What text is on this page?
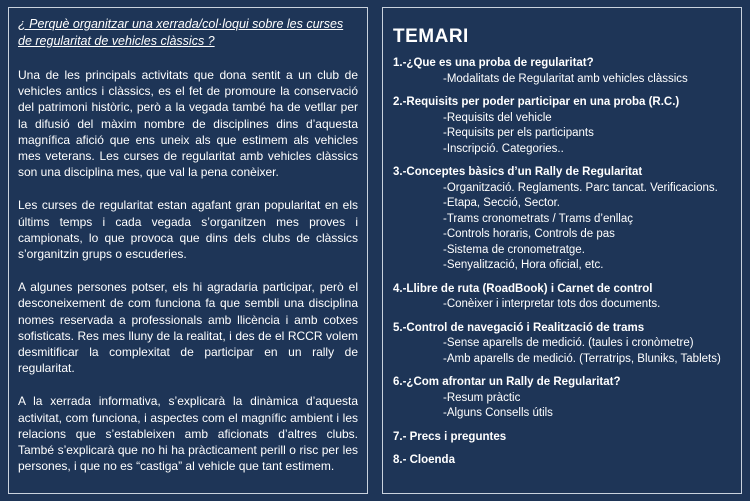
¿ Perquè organitzar una xerrada/col·loqui sobre les curses de regularitat de vehicles clàssics ?

Una de les principals activitats que dona sentit a un club de vehicles antics i clàssics, es el fet de promoure la conservació del patrimoni històric, però a la vegada també ha de vetllar per la difusió del màxim nombre de disciplines dins d’aquesta magnífica afició que ens uneix als que estimem als vehicles mes veterans. Les curses de regularitat amb vehicles clàssics son una disciplina mes, que val la pena conèixer.

Les curses de regularitat estan agafant gran popularitat en els últims temps i cada vegada s’organitzen mes proves i campionats, lo que provoca que dins dels clubs de clàssics s’organitzin grups o escuderies.

A algunes persones potser, els hi agradaria participar, però el desconeixement de com funciona fa que sembli una disciplina nomes reservada a professionals amb llicència i amb cotxes sofisticats. Res mes lluny de la realitat, i des de el RCCR volem desmitificar la complexitat de participar en un rally de regularitat.

A la xerrada informativa, s’explicarà la dinàmica d’aquesta activitat, com funciona, i aspectes com el magnífic ambient i les relacions que s’estableixen amb aficionats d’altres clubs. També s’explicarà que no hi ha pràcticament perill o risc per les persones, i que no es “castiga” al vehicle que tant estimem.

TEMARI
1.-¿Que es una proba de regularitat?
-Modalitats de Regularitat amb vehicles clàssics
2.-Requisits per poder participar en una proba (R.C.)
-Requisits del vehicle
-Requisits per els participants
-Inscripció. Categories..
3.-Conceptes bàsics d’un Rally de Regularitat
-Organització. Reglaments. Parc tancat. Verificacions.
-Etapa, Secció, Sector.
-Trams cronometrats / Trams d’enllaç
-Controls horaris, Controls de pas
-Sistema de cronometratge.
-Senyalització, Hora oficial, etc.
4.-Llibre de ruta (RoadBook) i Carnet de control
-Conèixer i interpretar tots dos documents.
5.-Control de navegació i Realització de trams
-Sense aparells de medició. (taules i cronòmetre)
-Amb aparells de medició. (Terratrips, Bluniks, Tablets)
6.-¿Com afrontar un Rally de Regularitat?
-Resum pràctic
-Alguns Consells útils
7.- Precs i preguntes
8.- Cloenda
